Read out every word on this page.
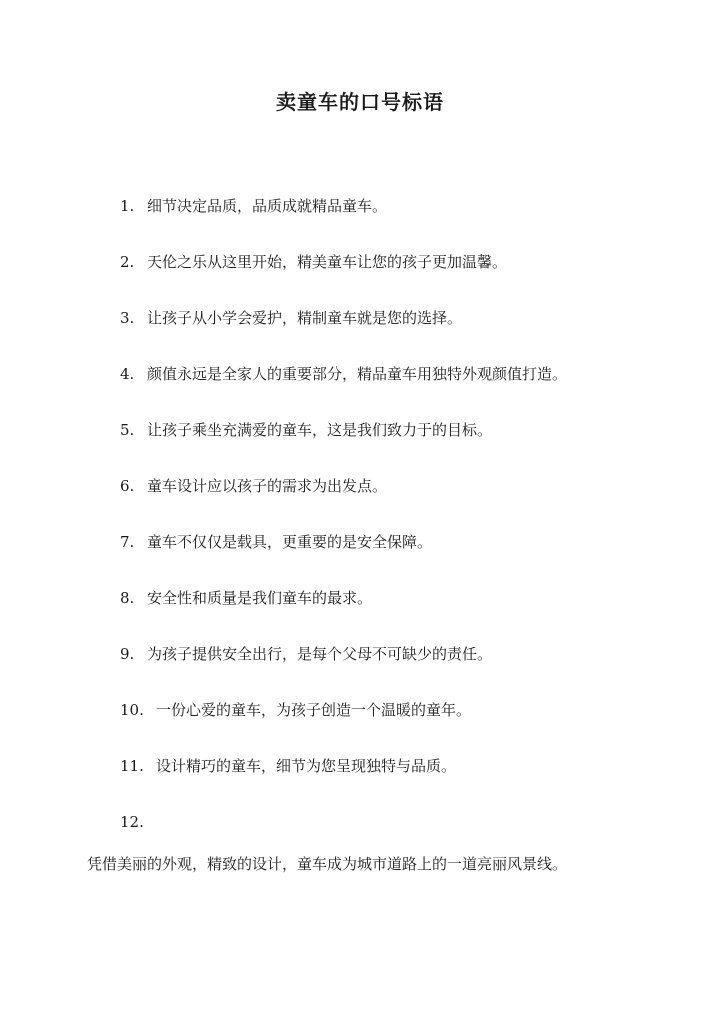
卖童车的口号标语
1. 细节决定品质，品质成就精品童车。
2. 天伦之乐从这里开始，精美童车让您的孩子更加温馨。
3. 让孩子从小学会爱护，精制童车就是您的选择。
4. 颜值永远是全家人的重要部分，精品童车用独特外观颜值打造。
5. 让孩子乘坐充满爱的童车，这是我们致力于的目标。
6. 童车设计应以孩子的需求为出发点。
7. 童车不仅仅是载具，更重要的是安全保障。
8. 安全性和质量是我们童车的最求。
9. 为孩子提供安全出行，是每个父母不可缺少的责任。
10. 一份心爱的童车，为孩子创造一个温暖的童年。
11. 设计精巧的童车，细节为您呈现独特与品质。
12.
凭借美丽的外观，精致的设计，童车成为城市道路上的一道亮丽风景线。
